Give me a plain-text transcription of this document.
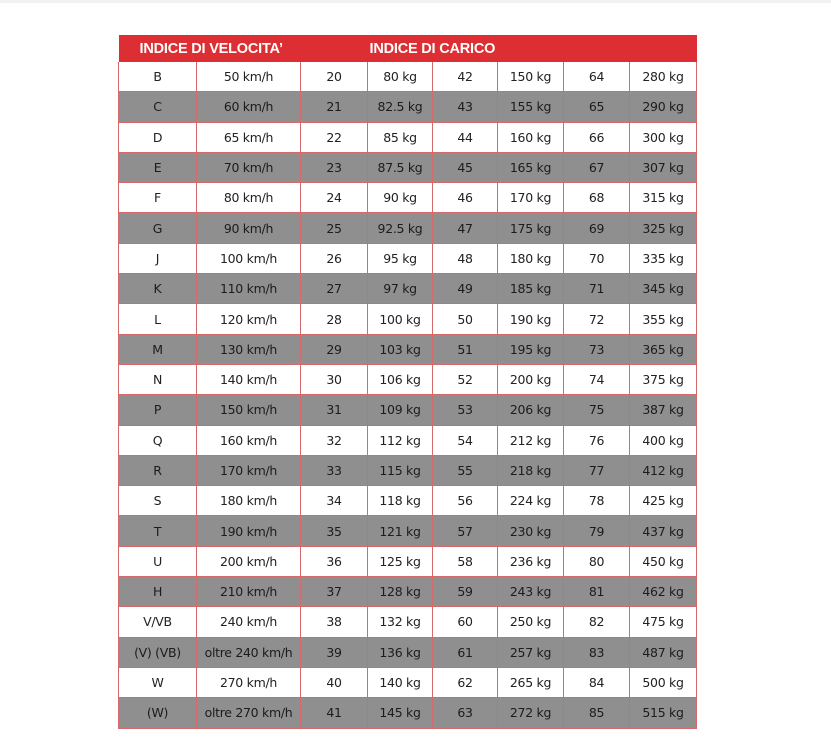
INDICE DI VELOCITA’			INDICE DI CARICO				
B	50 km/h	20	80 kg	42	150 kg	64	280 kg
C	60 km/h	21	82.5 kg	43	155 kg	65	290 kg
D	65 km/h	22	85 kg	44	160 kg	66	300 kg
E	70 km/h	23	87.5 kg	45	165 kg	67	307 kg
F	80 km/h	24	90 kg	46	170 kg	68	315 kg
G	90 km/h	25	92.5 kg	47	175 kg	69	325 kg
J	100 km/h	26	95 kg	48	180 kg	70	335 kg
K	110 km/h	27	97 kg	49	185 kg	71	345 kg
L	120 km/h	28	100 kg	50	190 kg	72	355 kg
M	130 km/h	29	103 kg	51	195 kg	73	365 kg
N	140 km/h	30	106 kg	52	200 kg	74	375 kg
P	150 km/h	31	109 kg	53	206 kg	75	387 kg
Q	160 km/h	32	112 kg	54	212 kg	76	400 kg
R	170 km/h	33	115 kg	55	218 kg	77	412 kg
S	180 km/h	34	118 kg	56	224 kg	78	425 kg
T	190 km/h	35	121 kg	57	230 kg	79	437 kg
U	200 km/h	36	125 kg	58	236 kg	80	450 kg
H	210 km/h	37	128 kg	59	243 kg	81	462 kg
V/VB	240 km/h	38	132 kg	60	250 kg	82	475 kg
(V) (VB)	oltre 240 km/h	39	136 kg	61	257 kg	83	487 kg
W	270 km/h	40	140 kg	62	265 kg	84	500 kg
(W)	oltre 270 km/h	41	145 kg	63	272 kg	85	515 kg
